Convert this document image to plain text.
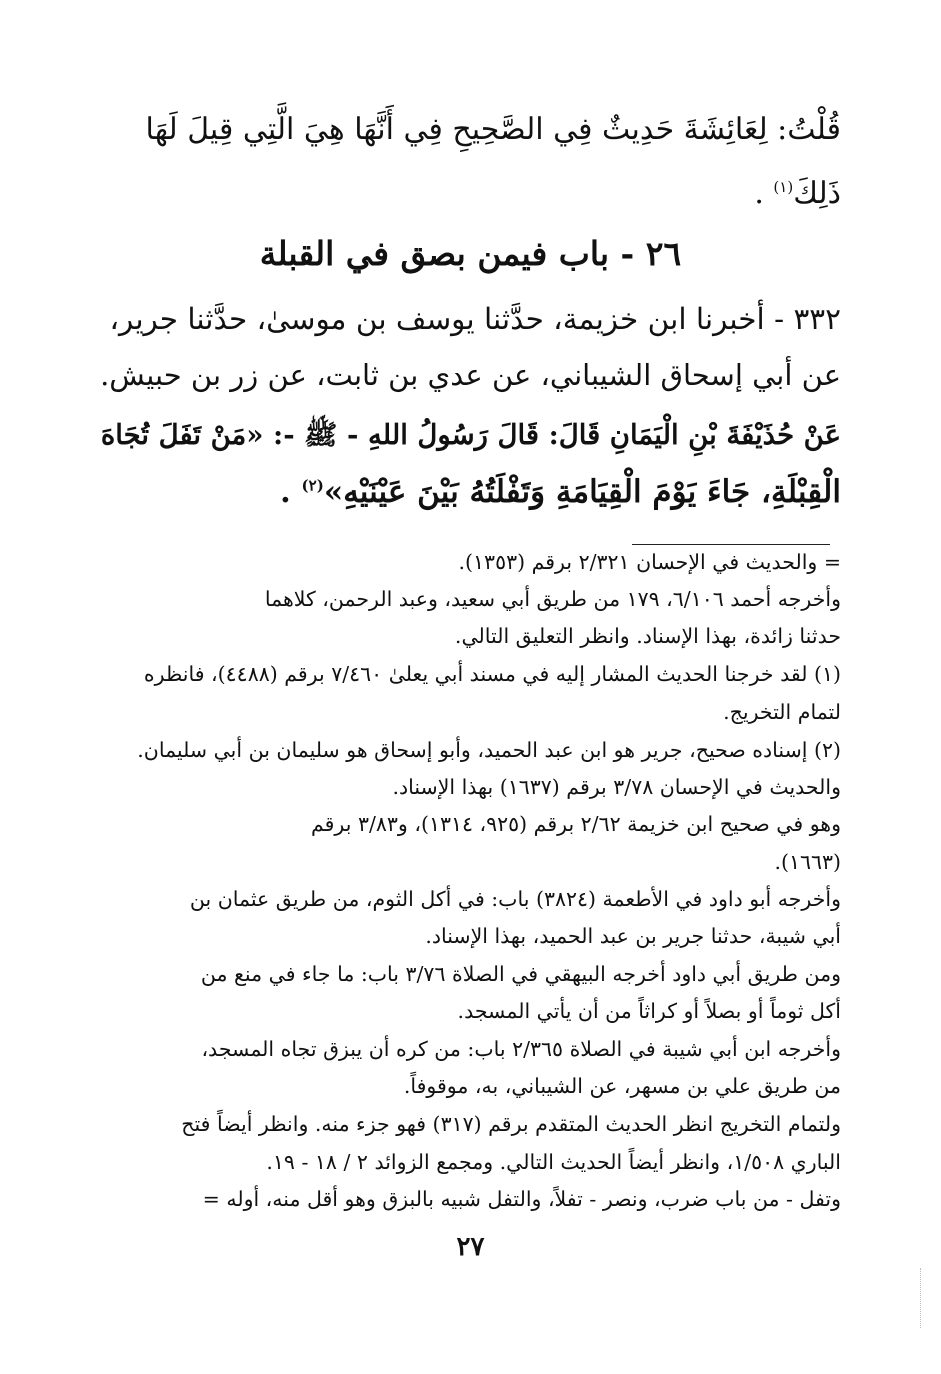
قُلْتُ: لِعَائِشَةَ حَدِيثٌ فِي الصَّحِيحِ فِي أَنَّهَا هِيَ الَّتِي قِيلَ لَهَا
ذَلِكَ$^{(١)}$ .
٢٦ - باب فيمن بصق في القبلة
٣٣٢ - أخبرنا ابن خزيمة، حدَّثنا يوسف بن موسىٰ، حدَّثنا جرير،
عن أبي إسحاق الشيباني، عن عدي بن ثابت، عن زر بن حبيش.
عَنْ حُذَيْفَةَ بْنِ الْيَمَانِ قَالَ: قَالَ رَسُولُ اللهِ - ﷺ -: «مَنْ تَفَلَ تُجَاهَ
الْقِبْلَةِ، جَاءَ يَوْمَ الْقِيَامَةِ وَتَفْلَتُهُ بَيْنَ عَيْنَيْهِ»$^{(٢)}$ .
= والحديث في الإحسان ٢/٣٢١ برقم (١٣٥٣).
وأخرجه أحمد ٦/١٠٦، ١٧٩ من طريق أبي سعيد، وعبد الرحمن، كلاهما
حدثنا زائدة، بهذا الإسناد. وانظر التعليق التالي.
(١) لقد خرجنا الحديث المشار إليه في مسند أبي يعلىٰ ٧/٤٦٠ برقم (٤٤٨٨)، فانظره
لتمام التخريج.
(٢) إسناده صحيح، جرير هو ابن عبد الحميد، وأبو إسحاق هو سليمان بن أبي سليمان.
والحديث في الإحسان ٣/٧٨ برقم (١٦٣٧) بهذا الإسناد.
وهو في صحيح ابن خزيمة ٢/٦٢ برقم (٩٢٥، ١٣١٤)، و٣/٨٣ برقم
(١٦٦٣).
وأخرجه أبو داود في الأطعمة (٣٨٢٤) باب: في أكل الثوم، من طريق عثمان بن
أبي شيبة، حدثنا جرير بن عبد الحميد، بهذا الإسناد.
ومن طريق أبي داود أخرجه البيهقي في الصلاة ٣/٧٦ باب: ما جاء في منع من
أكل ثوماً أو بصلاً أو كراثاً من أن يأتي المسجد.
وأخرجه ابن أبي شيبة في الصلاة ٢/٣٦٥ باب: من كره أن يبزق تجاه المسجد،
من طريق علي بن مسهر، عن الشيباني، به، موقوفاً.
ولتمام التخريج انظر الحديث المتقدم برقم (٣١٧) فهو جزء منه. وانظر أيضاً فتح
الباري ١/٥٠٨، وانظر أيضاً الحديث التالي. ومجمع الزوائد ٢ / ١٨ - ١٩.
وتفل - من باب ضرب، ونصر - تفلاً، والتفل شبيه بالبزق وهو أقل منه، أوله =
٢٧
